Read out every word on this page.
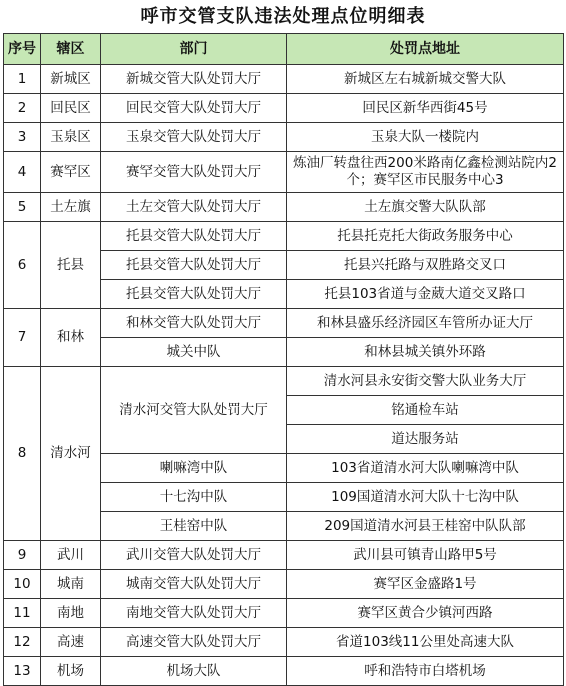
呼市交管支队违法处理点位明细表
序号	辖区	部门	处罚点地址
1	新城区	新城交管大队处罚大厅	新城区左右城新城交警大队
2	回民区	回民交管大队处罚大厅	回民区新华西街45号
3	玉泉区	玉泉交管大队处罚大厅	玉泉大队一楼院内
4	赛罕区	赛罕交管大队处罚大厅	炼油厂转盘往西200米路南亿鑫检测站院内2个；赛罕区市民服务中心3
5	土左旗	土左交管大队处罚大厅	土左旗交警大队队部
6	托县	托县交管大队处罚大厅	托县托克托大街政务服务中心
		托县交管大队处罚大厅	托县兴托路与双胜路交叉口
		托县交管大队处罚大厅	托县103省道与金葳大道交叉路口
7	和林	和林交管大队处罚大厅	和林县盛乐经济园区车管所办证大厅
		城关中队	和林县城关镇外环路
8	清水河	清水河交管大队处罚大厅	清水河县永安街交警大队业务大厅
			铭通检车站
			道达服务站
		喇嘛湾中队	103省道清水河大队喇嘛湾中队
		十七沟中队	109国道清水河大队十七沟中队
		王桂窑中队	209国道清水河县王桂窑中队队部
9	武川	武川交管大队处罚大厅	武川县可镇青山路甲5号
10	城南	城南交管大队处罚大厅	赛罕区金盛路1号
11	南地	南地交管大队处罚大厅	赛罕区黄合少镇河西路
12	高速	高速交管大队处罚大厅	省道103线11公里处高速大队
13	机场	机场大队	呼和浩特市白塔机场
